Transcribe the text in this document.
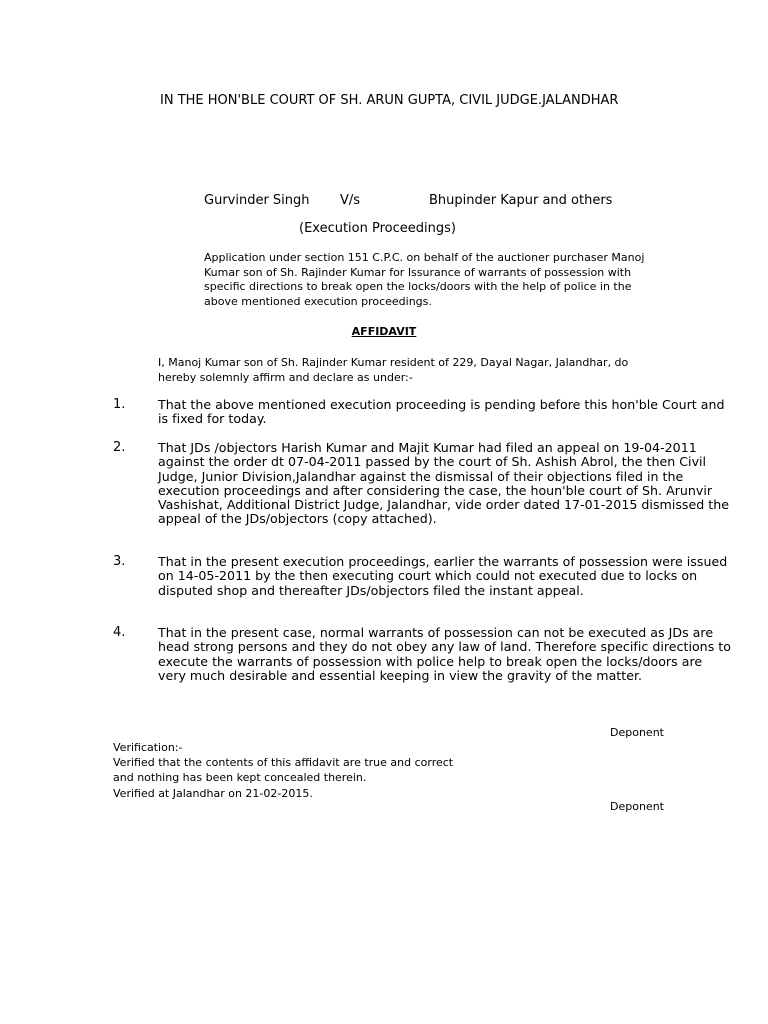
IN THE HON'BLE COURT OF SH. ARUN GUPTA, CIVIL JUDGE.JALANDHAR
Gurvinder Singh V/s	Bhupinder Kapur and others
(Execution Proceedings)
Application under section 151 C.P.C. on behalf of the auctioner purchaser Manoj Kumar son of Sh. Rajinder Kumar for Issurance of warrants of possession with specific directions to break open the locks/doors with the help of police in the above mentioned execution proceedings.
AFFIDAVIT
I, Manoj Kumar son of Sh. Rajinder Kumar resident of 229, Dayal Nagar, Jalandhar, do hereby solemnly affirm and declare as under:-
1.	That the above mentioned execution proceeding is pending before this hon'ble Court and is fixed for today.
2.	That JDs /objectors Harish Kumar and Majit Kumar had filed an appeal on 19-04-2011 against the order dt 07-04-2011 passed by the court of Sh. Ashish Abrol, the then Civil Judge, Junior Division,Jalandhar against the dismissal of their objections filed in the execution proceedings and after considering the case, the houn'ble court of Sh. Arunvir Vashishat, Additional District Judge, Jalandhar, vide order dated 17-01-2015 dismissed the appeal of the JDs/objectors (copy attached).
3.	That in the present execution proceedings, earlier the warrants of possession were issued on 14-05-2011 by the then executing court which could not executed due to locks on disputed shop and thereafter JDs/objectors filed the instant appeal.
4.	That in the present case, normal warrants of possession can not be executed as JDs are head strong persons and they do not obey any law of land. Therefore specific directions to execute the warrants of possession with police help to break open the locks/doors are very much desirable and essential keeping in view the gravity of the matter.
Deponent
Verification:-
Verified that the contents of this affidavit are true and correct
and nothing has been kept concealed therein.
Verified at Jalandhar on 21-02-2015.
Deponent
